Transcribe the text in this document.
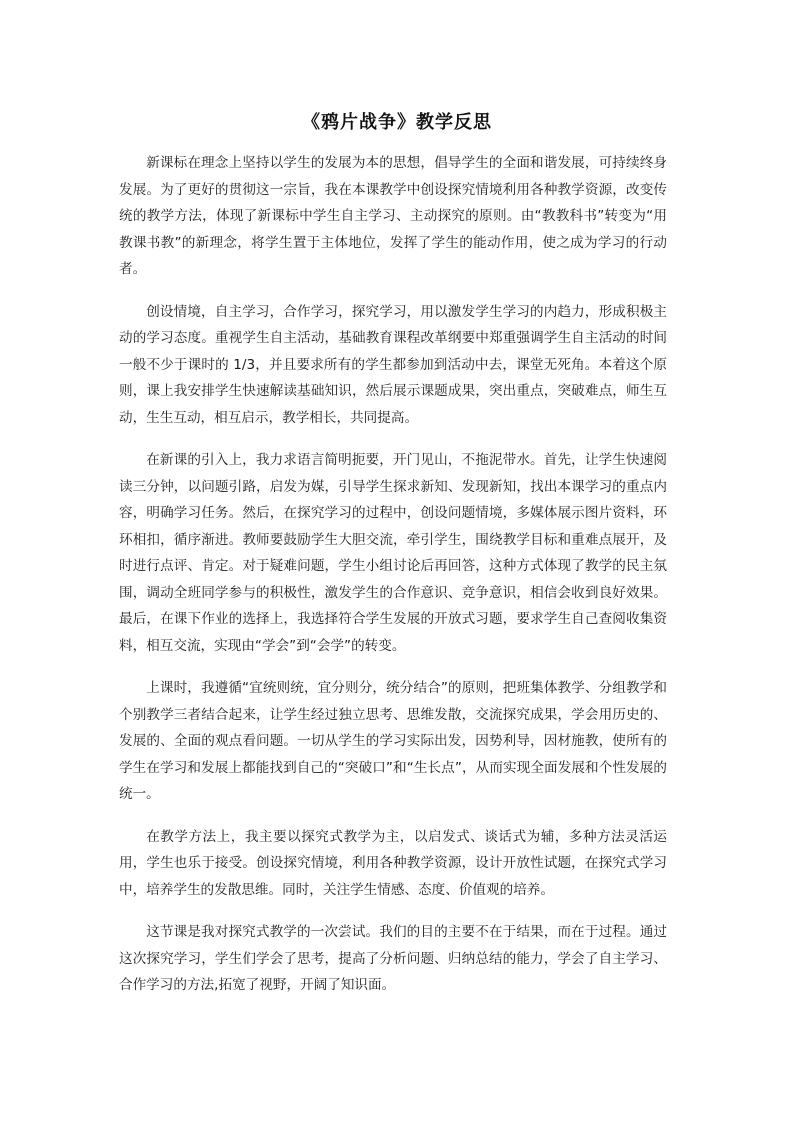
《鸦片战争》教学反思

新课标在理念上坚持以学生的发展为本的思想，倡导学生的全面和谐发展，可持续终身发展。为了更好的贯彻这一宗旨，我在本课教学中创设探究情境利用各种教学资源，改变传统的教学方法，体现了新课标中学生自主学习、主动探究的原则。由“教教科书”转变为“用教课书教”的新理念，将学生置于主体地位，发挥了学生的能动作用，使之成为学习的行动者。

创设情境，自主学习，合作学习，探究学习，用以激发学生学习的内趋力，形成积极主动的学习态度。重视学生自主活动，基础教育课程改革纲要中郑重强调学生自主活动的时间一般不少于课时的 1/3，并且要求所有的学生都参加到活动中去，课堂无死角。本着这个原则，课上我安排学生快速解读基础知识，然后展示课题成果，突出重点，突破难点，师生互动，生生互动，相互启示，教学相长，共同提高。

在新课的引入上，我力求语言简明扼要，开门见山，不拖泥带水。首先，让学生快速阅读三分钟，以问题引路，启发为媒，引导学生探求新知、发现新知，找出本课学习的重点内容，明确学习任务。然后，在探究学习的过程中，创设问题情境，多媒体展示图片资料，环环相扣，循序渐进。教师要鼓励学生大胆交流，牵引学生，围绕教学目标和重难点展开，及时进行点评、肯定。对于疑难问题，学生小组讨论后再回答，这种方式体现了教学的民主氛围，调动全班同学参与的积极性，激发学生的合作意识、竞争意识，相信会收到良好效果。最后，在课下作业的选择上，我选择符合学生发展的开放式习题，要求学生自己查阅收集资料，相互交流，实现由“学会”到“会学”的转变。

上课时，我遵循“宜统则统，宜分则分，统分结合”的原则，把班集体教学、分组教学和个别教学三者结合起来，让学生经过独立思考、思维发散，交流探究成果，学会用历史的、发展的、全面的观点看问题。一切从学生的学习实际出发，因势利导，因材施教，使所有的学生在学习和发展上都能找到自己的“突破口”和“生长点”，从而实现全面发展和个性发展的统一。

在教学方法上，我主要以探究式教学为主，以启发式、谈话式为辅，多种方法灵活运用，学生也乐于接受。创设探究情境，利用各种教学资源，设计开放性试题，在探究式学习中，培养学生的发散思维。同时，关注学生情感、态度、价值观的培养。

这节课是我对探究式教学的一次尝试。我们的目的主要不在于结果，而在于过程。通过这次探究学习，学生们学会了思考，提高了分析问题、归纳总结的能力，学会了自主学习、合作学习的方法,拓宽了视野，开阔了知识面。
